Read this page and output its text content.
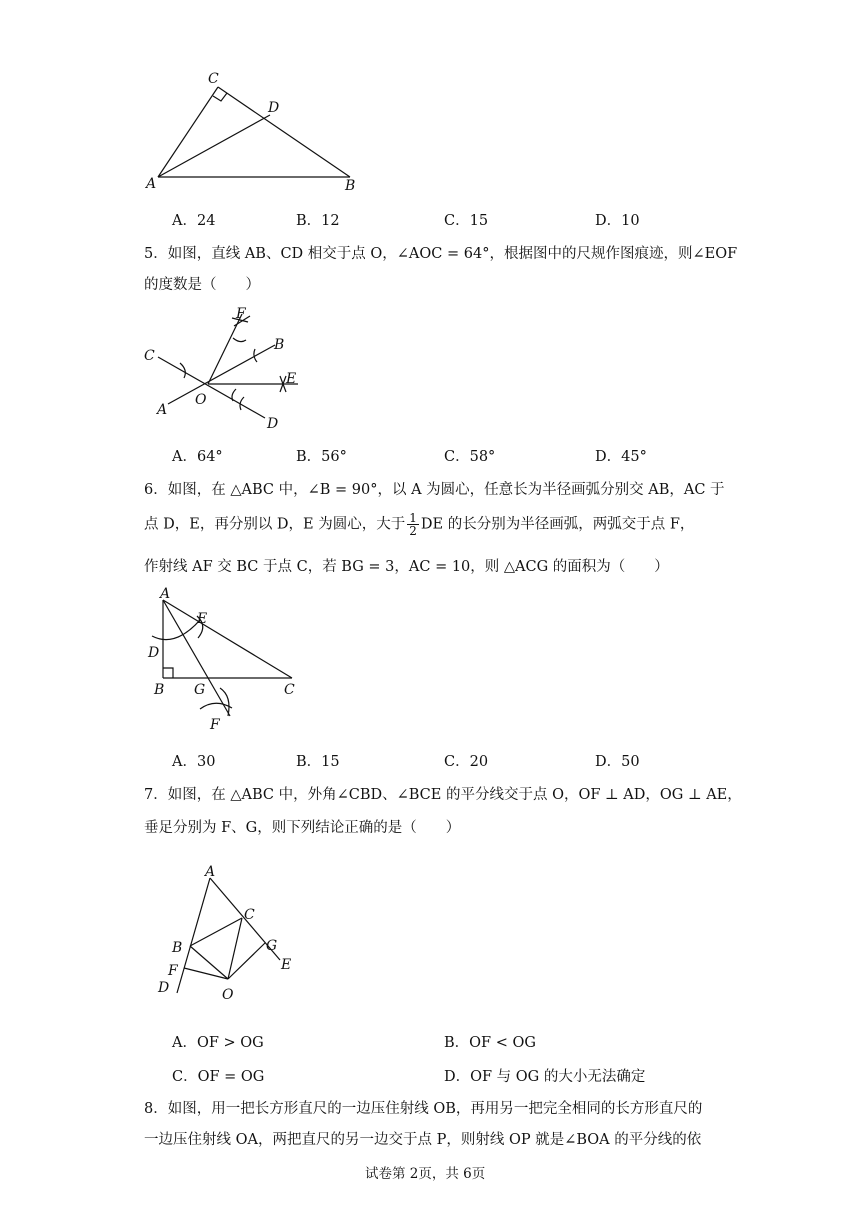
C
D
A	B
A．24	B．12	C．15	D．10
5．如图，直线 AB、CD 相交于点 O，∠AOC = 64°，根据图中的尺规作图痕迹，则∠EOF
的度数是（　　）
C
F
B
E
A
O
D
A．64°	B．56°	C．58°	D．45°
6．如图，在 △ABC 中，∠B = 90°，以 A 为圆心，任意长为半径画弧分别交 AB，AC 于
点 D，E，再分别以 D，E 为圆心，大于 $\frac{1}{2}$ DE 的长分别为半径画弧，两弧交于点 F，
作射线 AF 交 BC 于点 C，若 BG = 3，AC = 10，则 △ACG 的面积为（　　）
A
E
D
B G	C
F
A．30	B．15	C．20	D．50
7．如图，在 △ABC 中，外角∠CBD、∠BCE 的平分线交于点 O，OF ⊥ AD，OG ⊥ AE，
垂足分别为 F、G，则下列结论正确的是（　　）
A
C
B	G
E
F
D	O
A．OF > OG	B．OF < OG
C．OF = OG	D．OF 与 OG 的大小无法确定
8．如图，用一把长方形直尺的一边压住射线 OB，再用另一把完全相同的长方形直尺的
一边压住射线 OA，两把直尺的另一边交于点 P，则射线 OP 就是∠BOA 的平分线的依
试卷第 2页，共 6页
